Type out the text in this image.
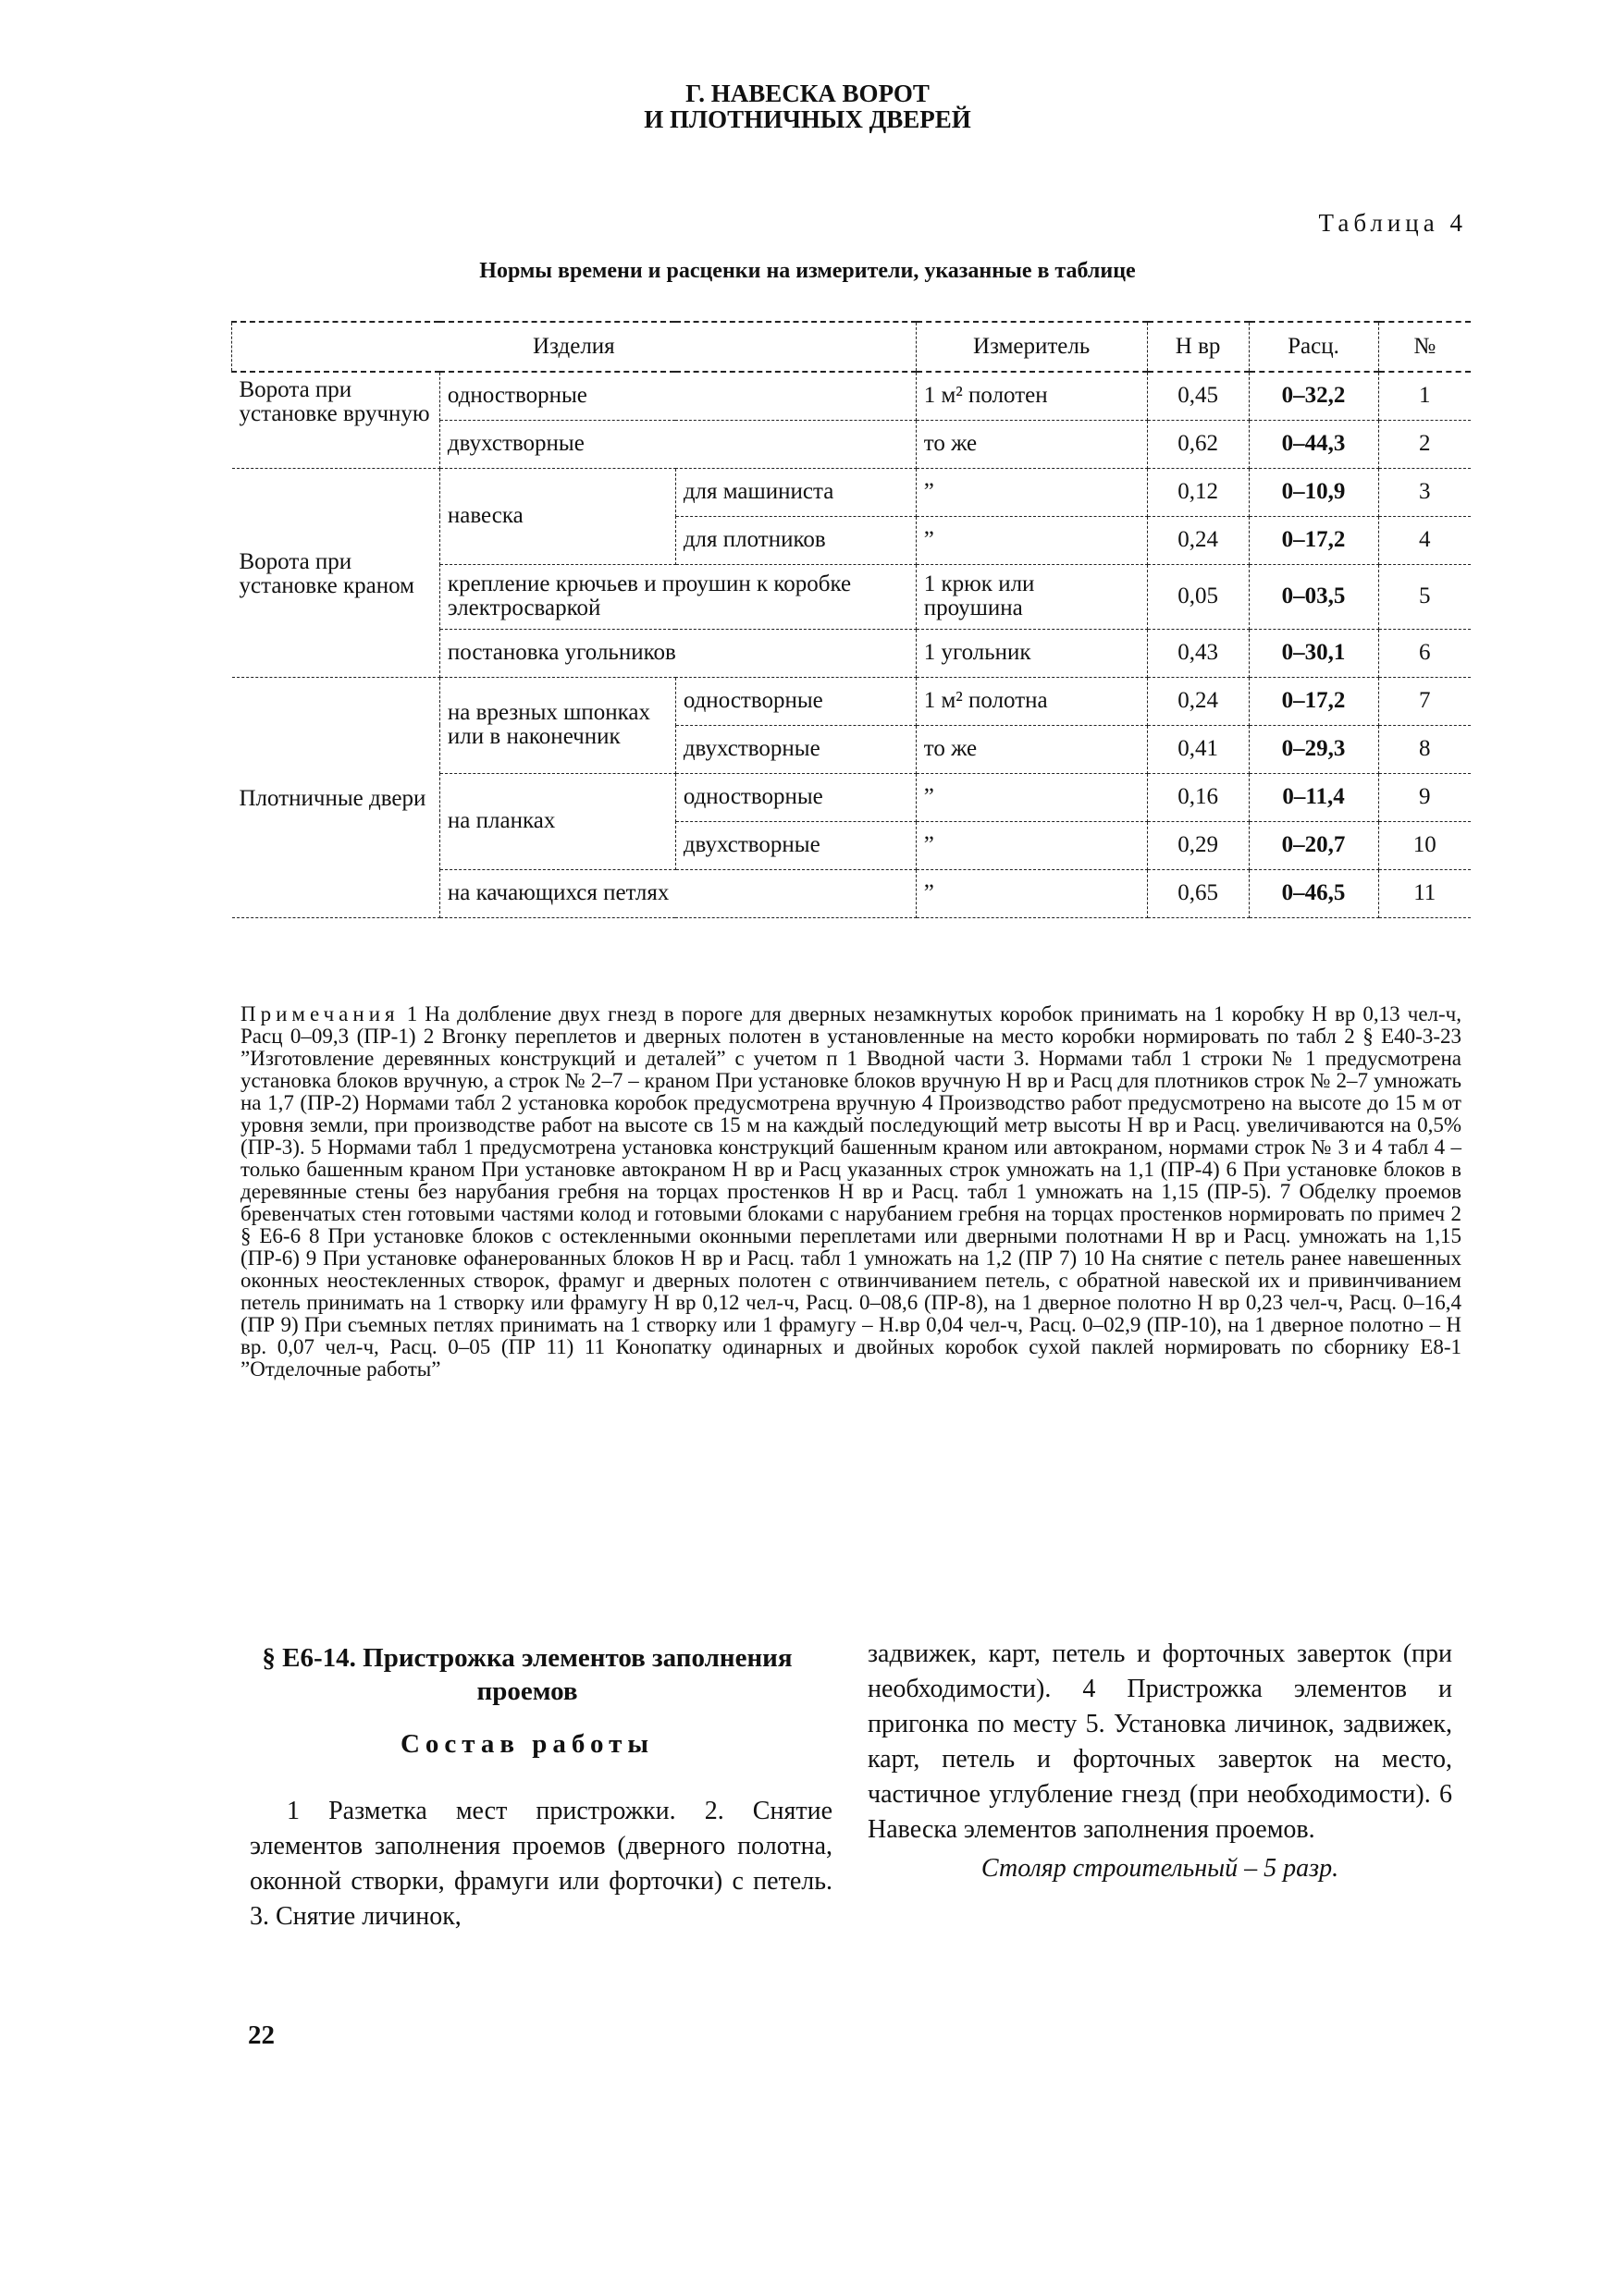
Г. НАВЕСКА ВОРОТ
И ПЛОТНИЧНЫХ ДВЕРЕЙ
Таблица 4
Нормы времени и расценки на измерители, указанные в таблице
Изделия			Измеритель	Н вр	Расц.	№
Ворота при установке вручную	одностворные		1 м² полотен	0,45	0–32,2	1
	двухстворные		то же	0,62	0–44,3	2
Ворота при установке краном	навеска	для машиниста	”	0,12	0–10,9	3
		для плотников	”	0,24	0–17,2	4
	крепление крючьев и проушин к коробке электросваркой		1 крюк или проушина	0,05	0–03,5	5
	постановка угольников		1 угольник	0,43	0–30,1	6
Плотничные двери	на врезных шпонках или в наконечник	одностворные	1 м² полотна	0,24	0–17,2	7
		двухстворные	то же	0,41	0–29,3	8
	на планках	одностворные	”	0,16	0–11,4	9
		двухстворные	”	0,29	0–20,7	10
	на качающихся петлях		”	0,65	0–46,5	11
Примечания 1 На долбление двух гнезд в пороге для дверных незамкнутых коробок принимать на 1 коробку Н вр 0,13 чел-ч, Расц 0–09,3 (ПР-1) 2 Вгонку переплетов и дверных полотен в установленные на место коробки нормировать по табл 2 § Е40-3-23 ”Изготовление деревянных конструкций и деталей” с учетом п 1 Вводной части 3. Нормами табл 1 строки № 1 предусмотрена установка блоков вручную, а строк № 2–7 – краном При установке блоков вручную Н вр и Расц для плотников строк № 2–7 умножать на 1,7 (ПР-2) Нормами табл 2 установка коробок предусмотрена вручную 4 Производство работ предусмотрено на высоте до 15 м от уровня земли, при производстве работ на высоте св 15 м на каждый последующий метр высоты Н вр и Расц. увеличиваются на 0,5% (ПР-3). 5 Нормами табл 1 предусмотрена установка конструкций башенным краном или автокраном, нормами строк № 3 и 4 табл 4 – только башенным краном При установке автокраном Н вр и Расц указанных строк умножать на 1,1 (ПР-4) 6 При установке блоков в деревянные стены без нарубания гребня на торцах простенков Н вр и Расц. табл 1 умножать на 1,15 (ПР-5). 7 Обделку проемов бревенчатых стен готовыми частями колод и готовыми блоками с нарубанием гребня на торцах простенков нормировать по примеч 2 § Е6-6 8 При установке блоков с остекленными оконными переплетами или дверными полотнами Н вр и Расц. умножать на 1,15 (ПР-6) 9 При установке офанерованных блоков Н вр и Расц. табл 1 умножать на 1,2 (ПР 7) 10 На снятие с петель ранее навешенных оконных неостекленных створок, фрамуг и дверных полотен с отвинчиванием петель, с обратной навеской их и привинчиванием петель принимать на 1 створку или фрамугу Н вр 0,12 чел-ч, Расц. 0–08,6 (ПР-8), на 1 дверное полотно Н вр 0,23 чел-ч, Расц. 0–16,4 (ПР 9) При съемных петлях принимать на 1 створку или 1 фрамугу – Н.вр 0,04 чел-ч, Расц. 0–02,9 (ПР-10), на 1 дверное полотно – Н вр. 0,07 чел-ч, Расц. 0–05 (ПР 11) 11 Конопатку одинарных и двойных коробок сухой паклей нормировать по сборнику Е8-1 ”Отделочные работы”
§ Е6-14. Пристрожка элементов заполнения проемов
Состав работы
1 Разметка мест пристрожки. 2. Снятие элементов заполнения проемов (дверного полотна, оконной створки, фрамуги или форточки) с петель. 3. Снятие личинок,
задвижек, карт, петель и форточных заверток (при необходимости). 4 Пристрожка элементов и пригонка по месту 5. Установка личинок, задвижек, карт, петель и форточных заверток на место, частичное углубление гнезд (при необходимости). 6 Навеска элементов заполнения проемов.
Столяр строительный – 5 разр.
22
